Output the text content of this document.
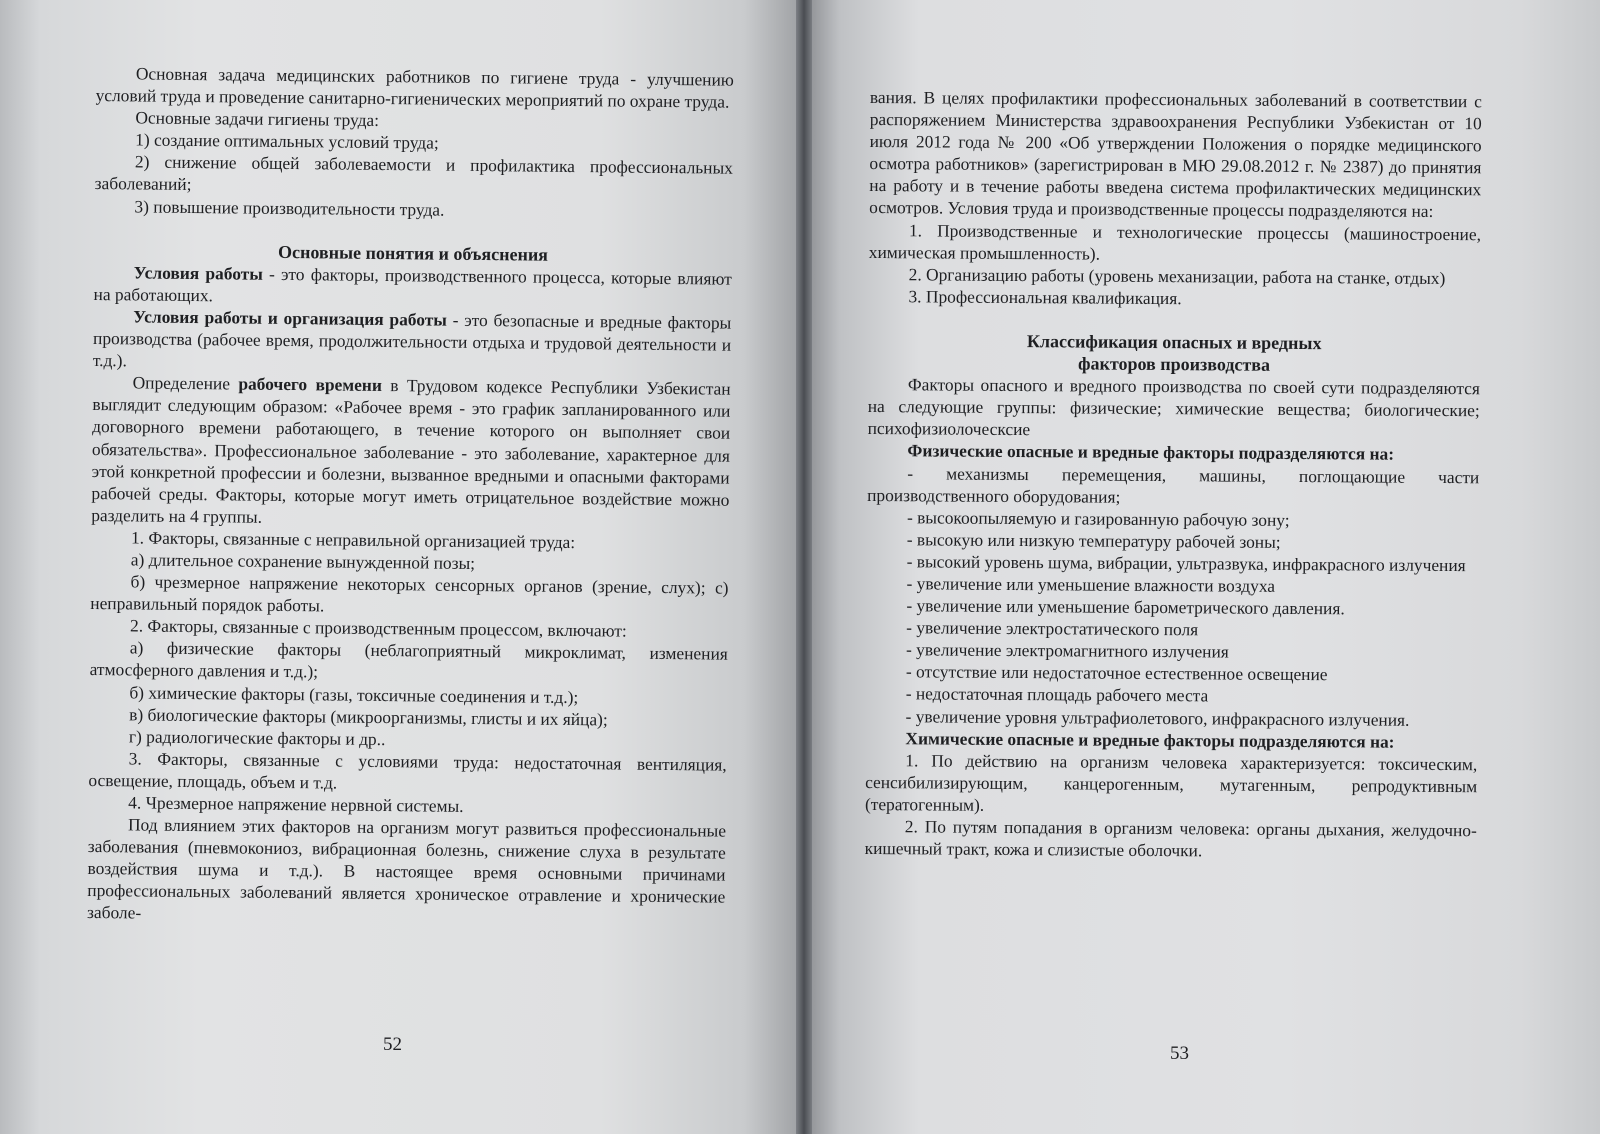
Основная задача медицинских работников по гигиене труда - улучшению условий труда и проведение санитарно-гигиенических мероприятий по охране труда.

Основные задачи гигиены труда:

1) создание оптимальных условий труда;

2) снижение общей заболеваемости и профилактика профессиональных заболеваний;

3) повышение производительности труда.

Основные понятия и объяснения

Условия работы - это факторы, производственного процесса, которые влияют на работающих.

Условия работы и организация работы - это безопасные и вредные факторы производства (рабочее время, продолжительности отдыха и трудовой деятельности и т.д.).

Определение рабочего времени в Трудовом кодексе Республики Узбекистан выглядит следующим образом: «Рабочее время - это график запланированного или договорного времени работающего, в течение которого он выполняет свои обязательства». Профессиональное заболевание - это заболевание, характерное для этой конкретной профессии и болезни, вызванное вредными и опасными факторами рабочей среды. Факторы, которые могут иметь отрицательное воздействие можно разделить на 4 группы.

1. Факторы, связанные с неправильной организацией труда:

а) длительное сохранение вынужденной позы;

б) чрезмерное напряжение некоторых сенсорных органов (зрение, слух); с) неправильный порядок работы.

2. Факторы, связанные с производственным процессом, включают:

а) физические факторы (неблагоприятный микроклимат, изменения атмосферного давления и т.д.);

б) химические факторы (газы, токсичные соединения и т.д.);

в) биологические факторы (микроорганизмы, глисты и их яйца);

г) радиологические факторы и др..

3. Факторы, связанные с условиями труда: недостаточная вентиляция, освещение, площадь, объем и т.д.

4. Чрезмерное напряжение нервной системы.

Под влиянием этих факторов на организм могут развиться профессиональные заболевания (пневмокониоз, вибрационная болезнь, снижение слуха в результате воздействия шума и т.д.). В настоящее время основными причинами профессиональных заболеваний является хроническое отравление и хронические заболе-

52

вания. В целях профилактики профессиональных заболеваний в соответствии с распоряжением Министерства здравоохранения Республики Узбекистан от 10 июля 2012 года № 200 «Об утверждении Положения о порядке медицинского осмотра работников» (зарегистрирован в МЮ 29.08.2012 г. № 2387) до принятия на работу и в течение работы введена система профилактических медицинских осмотров. Условия труда и производственные процессы подразделяются на:

1. Производственные и технологические процессы (машиностроение, химическая промышленность).

2. Организацию работы (уровень механизации, работа на станке, отдых)

3. Профессиональная квалификация.

Классификация опасных и вредных

факторов производства

Факторы опасного и вредного производства по своей сути подразделяются на следующие группы: физические; химические вещества; биологические; психофизиолоческсие

Физические опасные и вредные факторы подразделяются на:

- механизмы перемещения, машины, поглощающие части производственного оборудования;

- высокоопыляемую и газированную рабочую зону;

- высокую или низкую температуру рабочей зоны;

- высокий уровень шума, вибрации, ультразвука, инфракрасного излучения

- увеличение или уменьшение влажности воздуха

- увеличение или уменьшение барометрического давления.

- увеличение электростатического поля

- увеличение электромагнитного излучения

- отсутствие или недостаточное естественное освещение

- недостаточная площадь рабочего места

- увеличение уровня ультрафиолетового, инфракрасного излучения.

Химические опасные и вредные факторы подразделяются на:

1. По действию на организм человека характеризуется: токсическим, сенсибилизирующим, канцерогенным, мутагенным, репродуктивным (тератогенным).

2. По путям попадания в организм человека: органы дыхания, желудочно-кишечный тракт, кожа и слизистые оболочки.

53
